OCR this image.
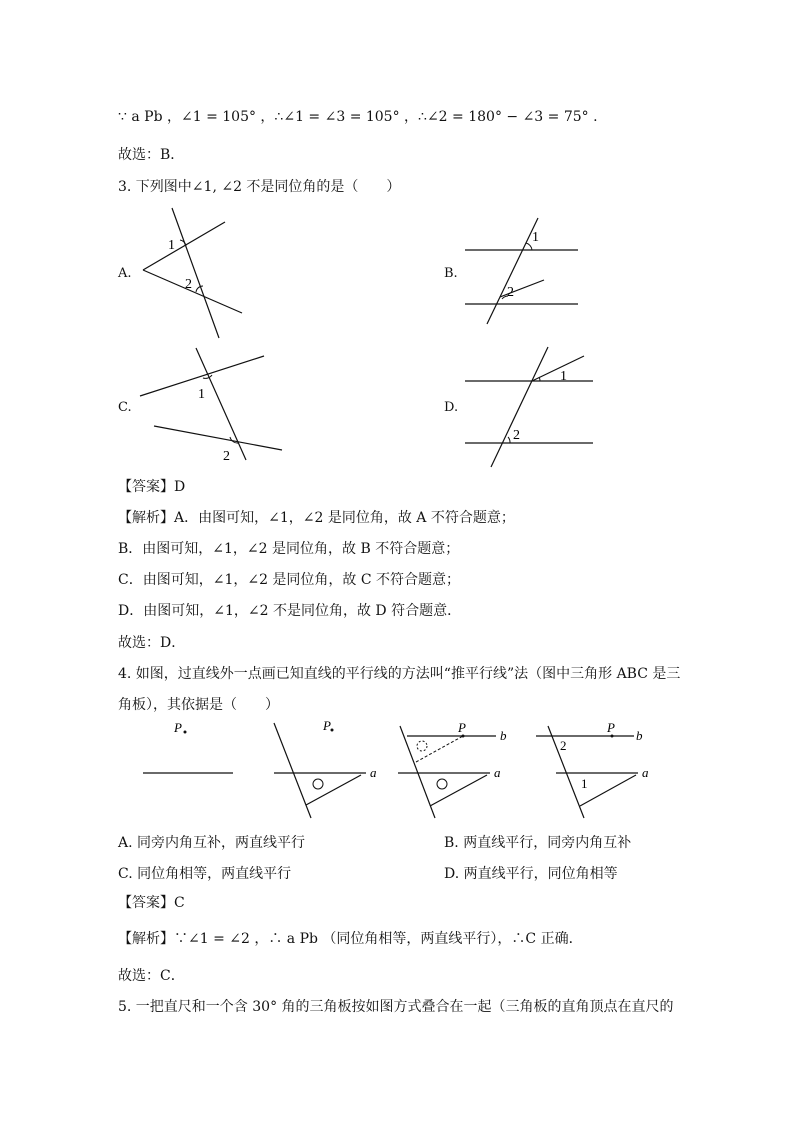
∵ a Pb ，∠1 = 105° ，∴∠1 = ∠3 = 105° ，∴∠2 = 180° − ∠3 = 75° .
故选：B．
3. 下列图中∠1, ∠2 不是同位角的是（　　）
A.	B.
C.	D.
1
2
1
2
1
2
1
2
【答案】D
【解析】A．由图可知，∠1，∠2 是同位角，故 A 不符合题意；
B．由图可知，∠1，∠2 是同位角，故 B 不符合题意；
C．由图可知，∠1，∠2 是同位角，故 C 不符合题意；
D．由图可知，∠1，∠2 不是同位角，故 D 符合题意．
故选：D．
4. 如图，过直线外一点画已知直线的平行线的方法叫“推平行线”法（图中三角形 ABC 是三
角板），其依据是（　　）
P	P
a
P
b
a
P
b
a
2
1
A. 同旁内角互补，两直线平行	B. 两直线平行，同旁内角互补
C. 同位角相等，两直线平行	D. 两直线平行，同位角相等
【答案】C
【解析】∵∠1 = ∠2 ，∴ a Pb （同位角相等，两直线平行），∴C 正确．
故选：C．
5. 一把直尺和一个含 30° 角的三角板按如图方式叠合在一起（三角板的直角顶点在直尺的
